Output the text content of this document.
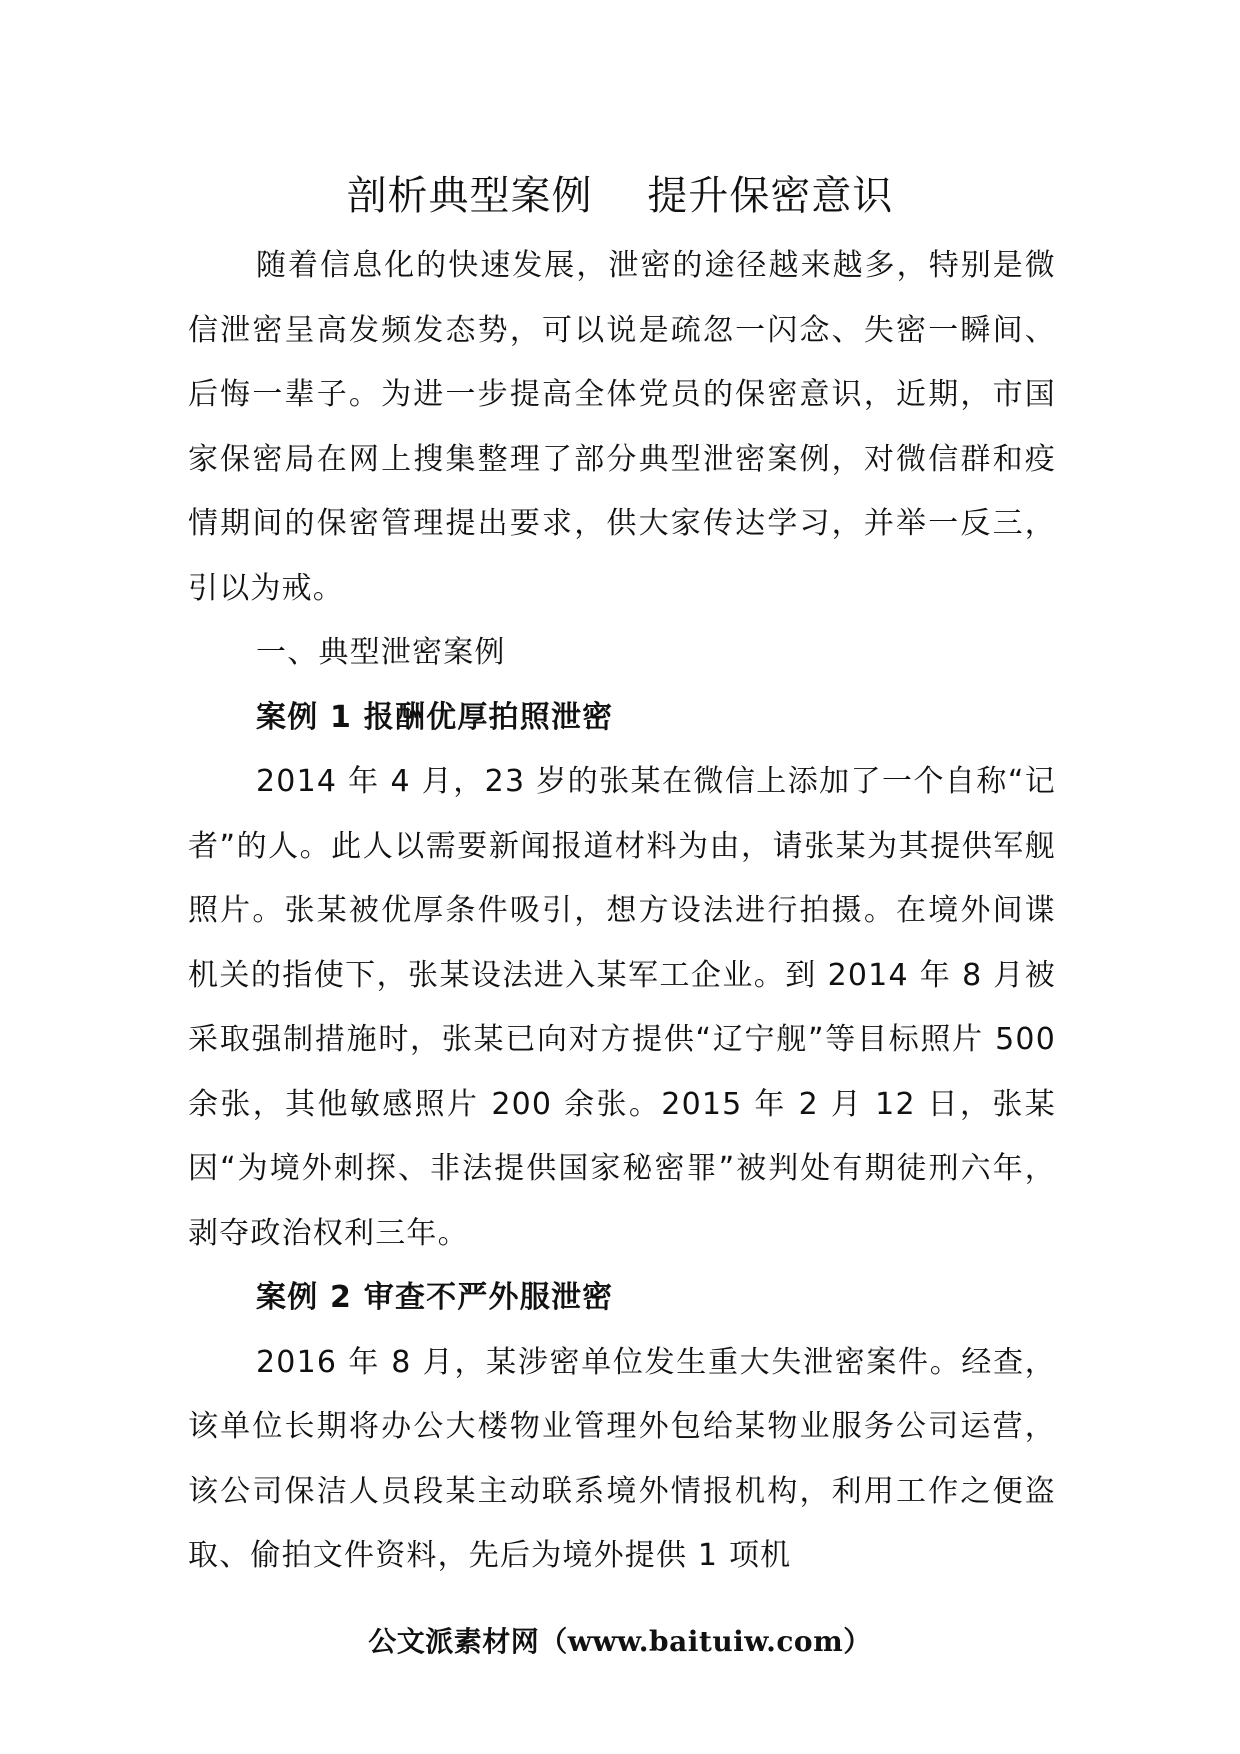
剖析典型案例    提升保密意识

随着信息化的快速发展，泄密的途径越来越多，特别是微信泄密呈高发频发态势，可以说是疏忽一闪念、失密一瞬间、后悔一辈子。为进一步提高全体党员的保密意识，近期，市国家保密局在网上搜集整理了部分典型泄密案例，对微信群和疫情期间的保密管理提出要求，供大家传达学习，并举一反三，引以为戒。

一、典型泄密案例

案例 1 报酬优厚拍照泄密

2014 年 4 月，23 岁的张某在微信上添加了一个自称“记者”的人。此人以需要新闻报道材料为由，请张某为其提供军舰照片。张某被优厚条件吸引，想方设法进行拍摄。在境外间谍机关的指使下，张某设法进入某军工企业。到 2014 年 8 月被采取强制措施时，张某已向对方提供“辽宁舰”等目标照片 500 余张，其他敏感照片 200 余张。2015 年 2 月 12 日，张某因“为境外刺探、非法提供国家秘密罪”被判处有期徒刑六年，剥夺政治权利三年。

案例 2 审查不严外服泄密

2016 年 8 月，某涉密单位发生重大失泄密案件。经查，该单位长期将办公大楼物业管理外包给某物业服务公司运营，该公司保洁人员段某主动联系境外情报机构，利用工作之便盗取、偷拍文件资料，先后为境外提供 1 项机

公文派素材网（www.baituiw.com）
